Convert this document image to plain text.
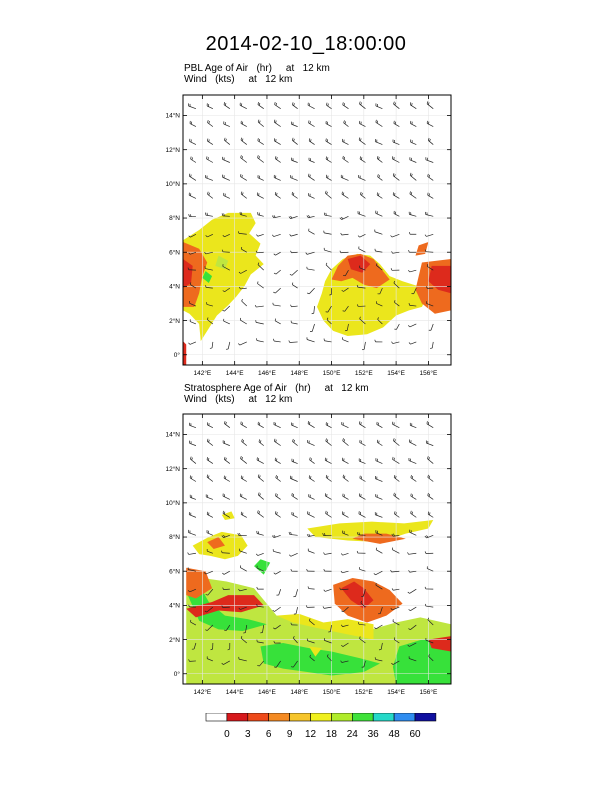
2014-02-10_18:00:00
PBL Age of Air   (hr)     at   12 km
Wind   (kts)     at   12 km
14°N
12°N
10°N
8°N
6°N
4°N
2°N
0°
142°E 144°E 146°E 148°E 150°E 152°E 154°E 156°E
Stratosphere Age of Air   (hr)     at   12 km
Wind   (kts)     at   12 km
14°N
12°N
10°N
8°N
6°N
4°N
2°N
0°
142°E 144°E 146°E 148°E 150°E 152°E 154°E 156°E
0	3	6	9	12 18 24 36 48 60
